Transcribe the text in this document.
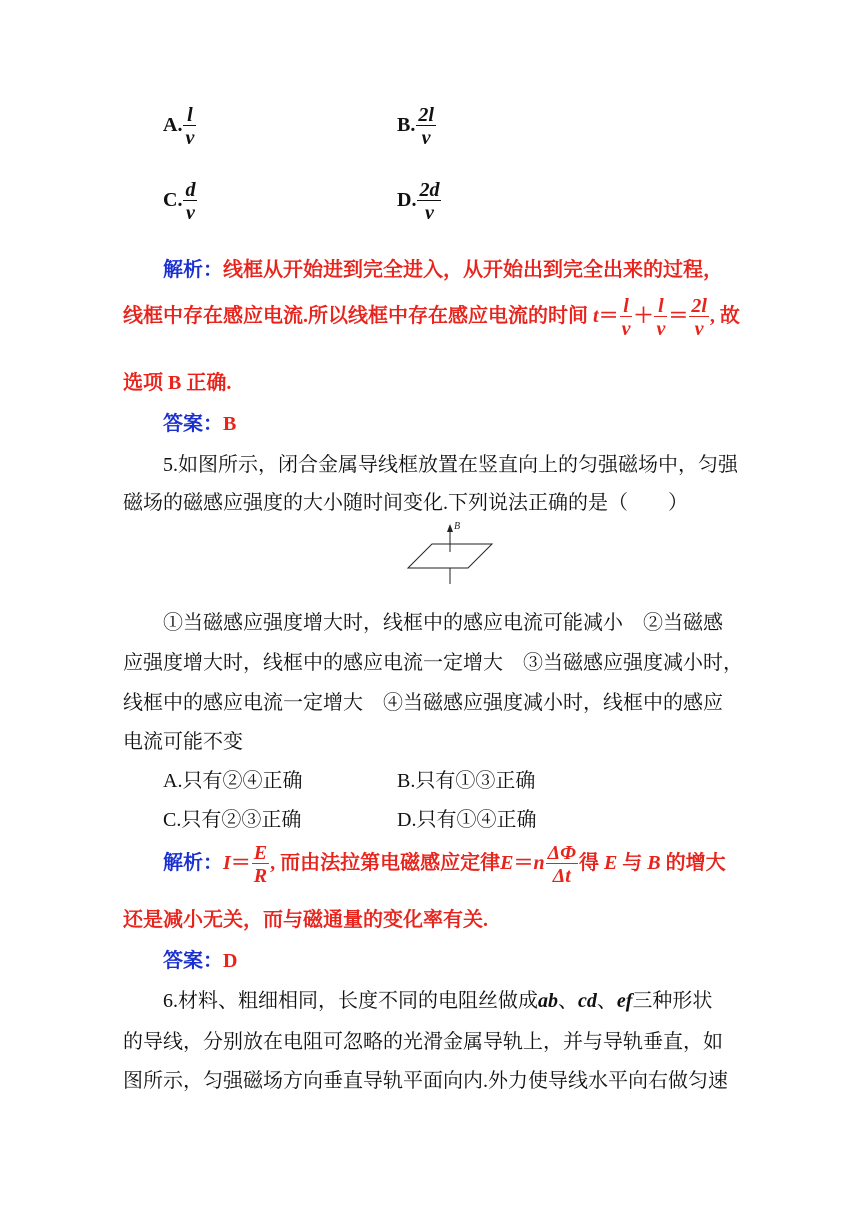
A. $\frac{l}{v}$	B. $\frac{2l}{v}$
C. $\frac{d}{v}$	D. $\frac{2d}{v}$
解析：线框从开始进到完全进入，从开始出到完全出来的过程，
线框中存在感应电流.所以线框中存在感应电流的时间 $t= \frac{l}{v} + \frac{l}{v} = \frac{2l}{v}$ , 故
选项 B 正确.
答案：B
5.如图所示，闭合金属导线框放置在竖直向上的匀强磁场中，匀强
磁场的磁感应强度的大小随时间变化.下列说法正确的是（　　）
B
①当磁感应强度增大时，线框中的感应电流可能减小　②当磁感
应强度增大时，线框中的感应电流一定增大　③当磁感应强度减小时，
线框中的感应电流一定增大　④当磁感应强度减小时，线框中的感应
电流可能不变
A.只有②④正确	B.只有①③正确
C.只有②③正确	D.只有①④正确
解析：$I= \frac{E}{R}$ , 而由法拉第电磁感应定律$E=n \frac{\Delta\Phi}{\Delta t}$ 得 E 与 B 的增大
还是减小无关，而与磁通量的变化率有关.
答案：D
6.材料、粗细相同，长度不同的电阻丝做成ab、cd、ef三种形状
的导线，分别放在电阻可忽略的光滑金属导轨上，并与导轨垂直，如
图所示，匀强磁场方向垂直导轨平面向内.外力使导线水平向右做匀速
